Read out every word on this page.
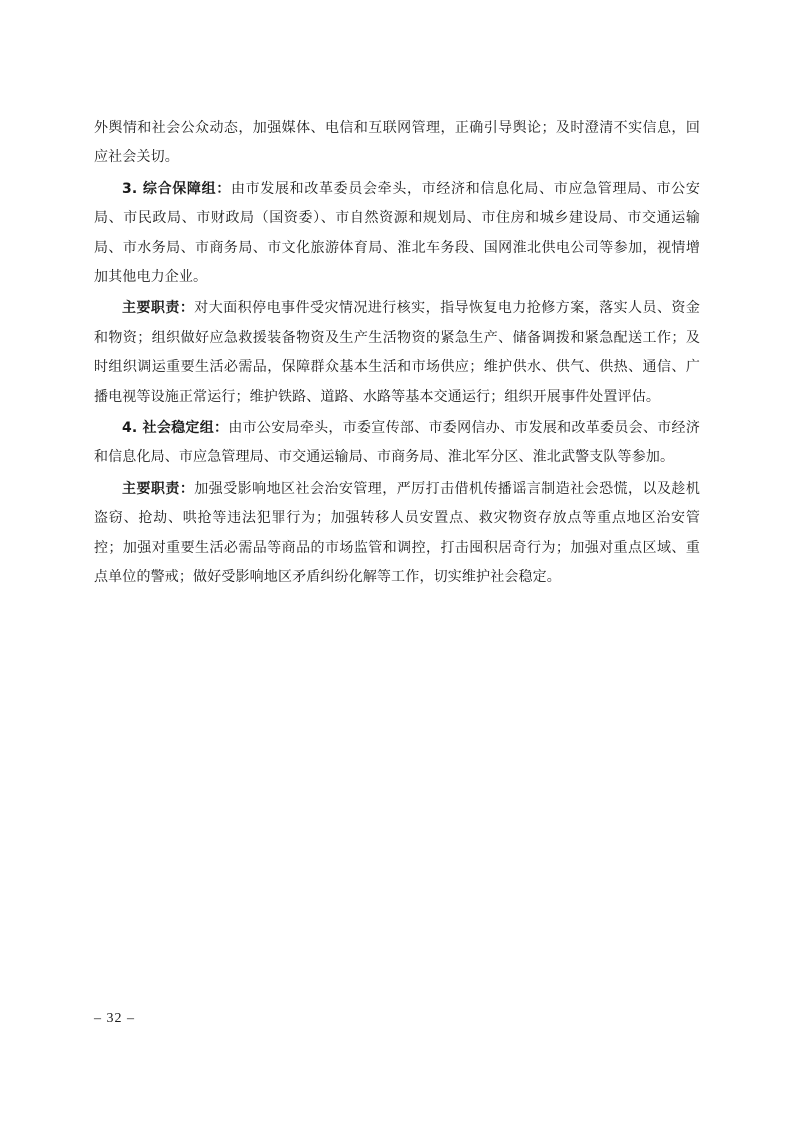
外舆情和社会公众动态，加强媒体、电信和互联网管理，正确引导舆论；及时澄清不实信息，回应社会关切。

3. 综合保障组：由市发展和改革委员会牵头，市经济和信息化局、市应急管理局、市公安局、市民政局、市财政局（国资委）、市自然资源和规划局、市住房和城乡建设局、市交通运输局、市水务局、市商务局、市文化旅游体育局、淮北车务段、国网淮北供电公司等参加，视情增加其他电力企业。

主要职责：对大面积停电事件受灾情况进行核实，指导恢复电力抢修方案，落实人员、资金和物资；组织做好应急救援装备物资及生产生活物资的紧急生产、储备调拨和紧急配送工作；及时组织调运重要生活必需品，保障群众基本生活和市场供应；维护供水、供气、供热、通信、广播电视等设施正常运行；维护铁路、道路、水路等基本交通运行；组织开展事件处置评估。

4. 社会稳定组：由市公安局牵头，市委宣传部、市委网信办、市发展和改革委员会、市经济和信息化局、市应急管理局、市交通运输局、市商务局、淮北军分区、淮北武警支队等参加。

主要职责：加强受影响地区社会治安管理，严厉打击借机传播谣言制造社会恐慌，以及趁机盗窃、抢劫、哄抢等违法犯罪行为；加强转移人员安置点、救灾物资存放点等重点地区治安管控；加强对重要生活必需品等商品的市场监管和调控，打击囤积居奇行为；加强对重点区域、重点单位的警戒；做好受影响地区矛盾纠纷化解等工作，切实维护社会稳定。

– 32 –
